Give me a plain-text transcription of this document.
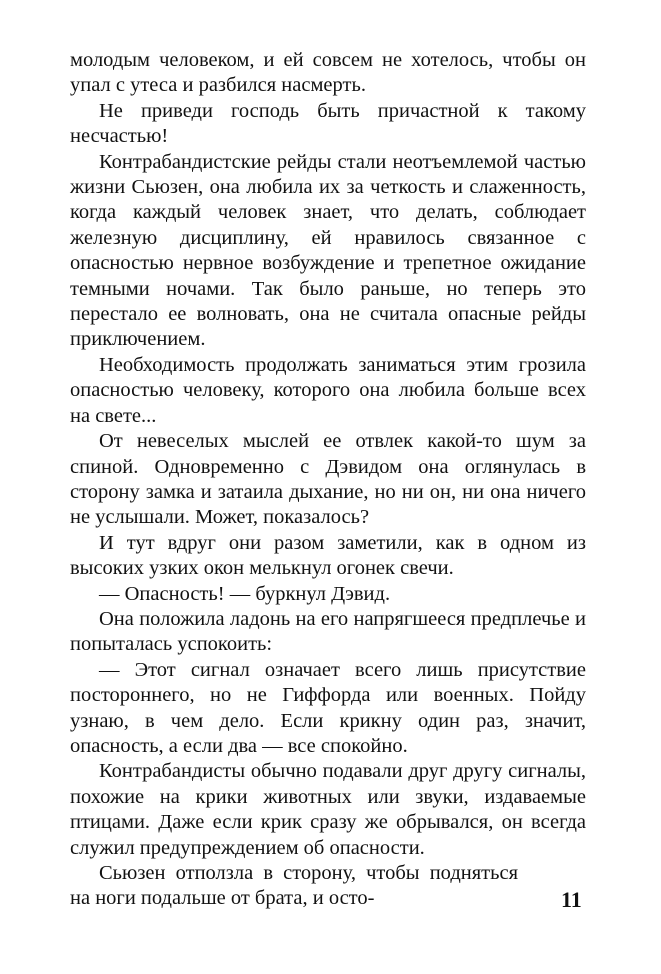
молодым человеком, и ей совсем не хотелось, чтобы он упал с утеса и разбился насмерть.

Не приведи господь быть причастной к такому несчастью!

Контрабандистские рейды стали неотъемлемой частью жизни Сьюзен, она любила их за четкость и слаженность, когда каждый человек знает, что делать, соблюдает железную дисциплину, ей нравилось связанное с опасностью нервное возбуждение и трепетное ожидание темными ночами. Так было раньше, но теперь это перестало ее волновать, она не считала опасные рейды приключением.

Необходимость продолжать заниматься этим грозила опасностью человеку, которого она любила больше всех на свете...

От невеселых мыслей ее отвлек какой-то шум за спиной. Одновременно с Дэвидом она оглянулась в сторону замка и затаила дыхание, но ни он, ни она ничего не услышали. Может, показалось?

И тут вдруг они разом заметили, как в одном из высоких узких окон мелькнул огонек свечи.

— Опасность! — буркнул Дэвид.

Она положила ладонь на его напрягшееся предплечье и попыталась успокоить:

— Этот сигнал означает всего лишь присутствие постороннего, но не Гиффорда или военных. Пойду узнаю, в чем дело. Если крикну один раз, значит, опасность, а если два — все спокойно.

Контрабандисты обычно подавали друг другу сигналы, похожие на крики животных или звуки, издаваемые птицами. Даже если крик сразу же обрывался, он всегда служил предупреждением об опасности.

Сьюзен отползла в сторону, чтобы подняться на ноги подальше от брата, и осто-	11
